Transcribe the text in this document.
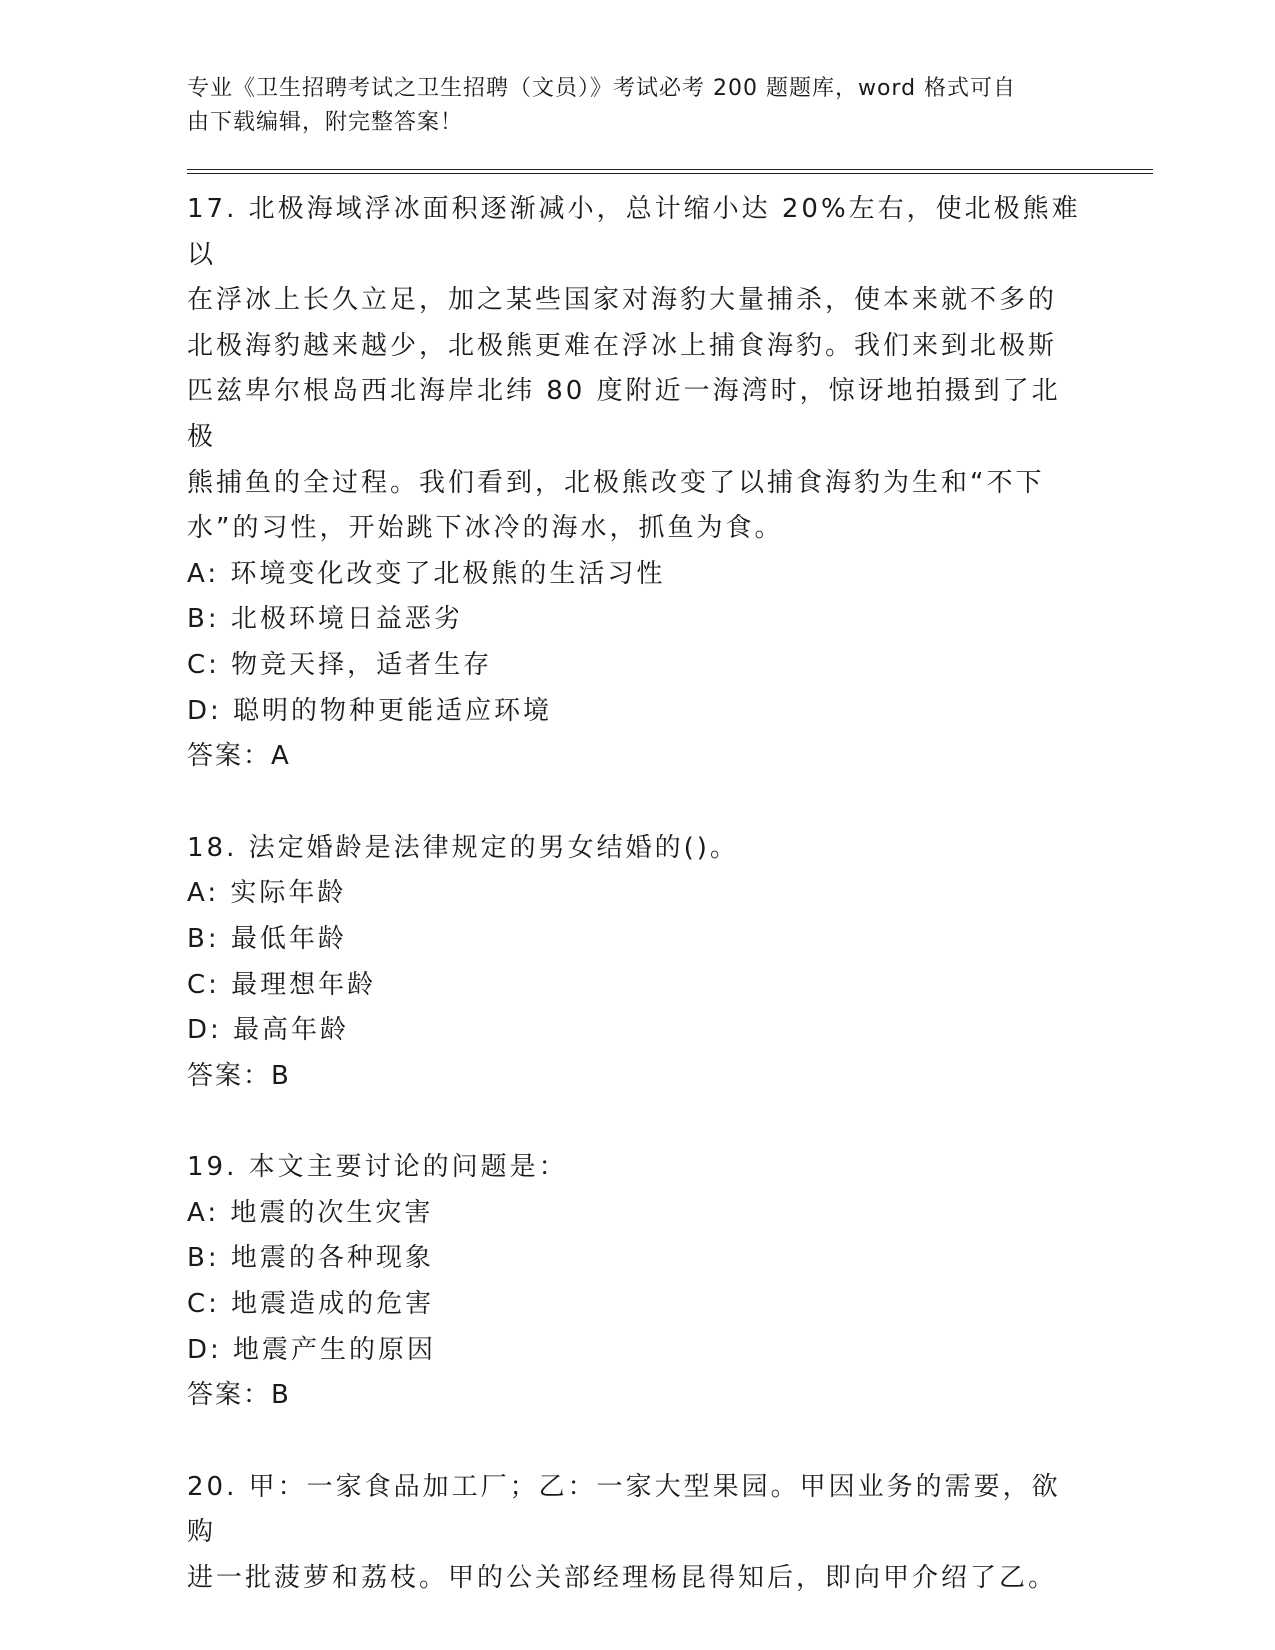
专业《卫生招聘考试之卫生招聘（文员）》考试必考 200 题题库，word 格式可自
由下载编辑，附完整答案！
17. 北极海域浮冰面积逐渐减小，总计缩小达 20%左右，使北极熊难以
在浮冰上长久立足，加之某些国家对海豹大量捕杀，使本来就不多的
北极海豹越来越少，北极熊更难在浮冰上捕食海豹。我们来到北极斯
匹兹卑尔根岛西北海岸北纬 80 度附近一海湾时，惊讶地拍摄到了北极
熊捕鱼的全过程。我们看到，北极熊改变了以捕食海豹为生和“不下
水”的习性，开始跳下冰冷的海水，抓鱼为食。
A: 环境变化改变了北极熊的生活习性
B: 北极环境日益恶劣
C: 物竞天择，适者生存
D: 聪明的物种更能适应环境
答案：A
18. 法定婚龄是法律规定的男女结婚的()。
A: 实际年龄
B: 最低年龄
C: 最理想年龄
D: 最高年龄
答案：B
19. 本文主要讨论的问题是：
A: 地震的次生灾害
B: 地震的各种现象
C: 地震造成的危害
D: 地震产生的原因
答案：B
20. 甲：一家食品加工厂；乙：一家大型果园。甲因业务的需要，欲购
进一批菠萝和荔枝。甲的公关部经理杨昆得知后，即向甲介绍了乙。
